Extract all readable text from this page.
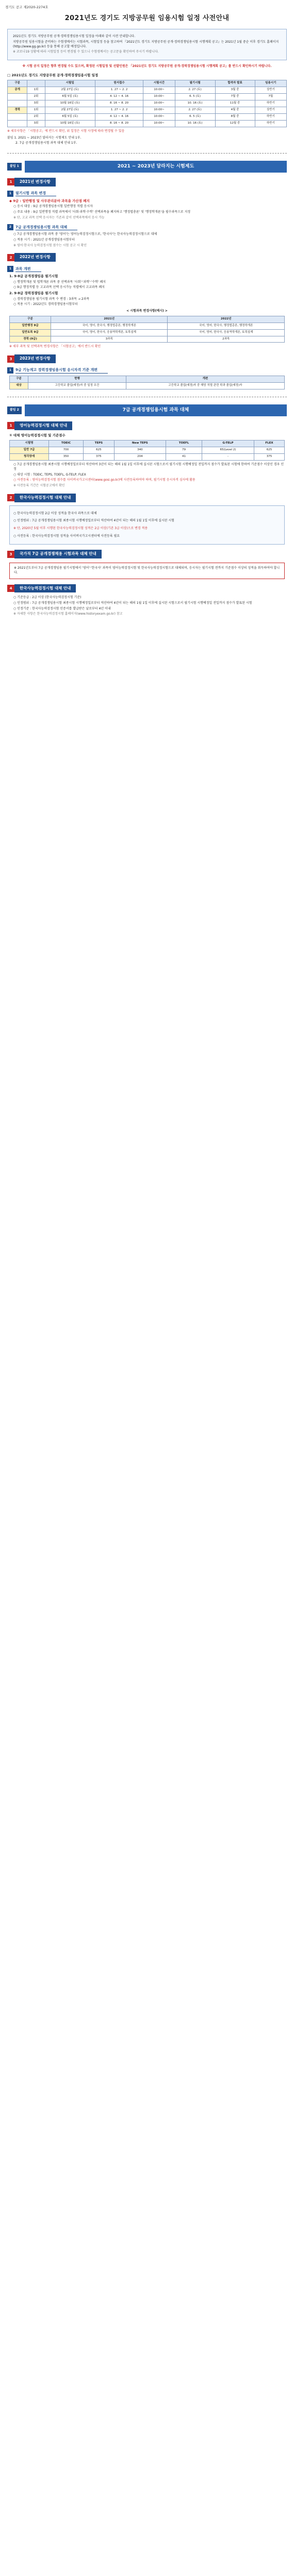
경기도 공고 제2020-2274호
2021년도 경기도 지방공무원 임용시험 일정 사전안내

2021년도 경기도 지방공무원 공개·경력경쟁임용시험 일정을 아래와 같이 사전 안내합니다.

지방공무원 임용시험을 준비하는 수험생께서는 시험과목, 시험일정 등을 참고하여 『2021년도 경기도 지방공무원 공개·경력경쟁임용시험 시행계획 공고』는 2021년 1월 중순 이후 경기도 홈페이지(http://www.gg.go.kr) 등을 통해 공고할 예정입니다.

※ 코로나19 상황에 따라 시험일정 등이 변경될 수 있으니 수험생께서는 공고문을 확인하여 주시기 바랍니다.

※ 시험 공지 일정은 향후 변경될 수도 있으며, 확정된 시험일정 및 선발인원은 「2021년도 경기도 지방공무원 공개·경력경쟁임용시험 시행계획 공고」를 반드시 확인하시기 바랍니다.

□ 2021년도 경기도 지방공무원 공개·경력경쟁임용시험 일정
구분		시험일	원서접수	시험시간	필기시험	합격자 발표	임용시기
공개	1회	2월 27일 (토)	1. 27 ~ 2. 2	10:00~	2. 27 (토)	3월 중	상반기
	2회	6월 5일 (토)	4. 12 ~ 4. 16	10:00~	6. 5 (토)	7월 중	7월
	3회	10월 16일 (토)	8. 16 ~ 8. 20	10:00~	10. 16 (토)	11월 중	하반기
경력	1회	2월 27일 (토)	1. 27 ~ 2. 2	10:00~	2. 27 (토)	4월 중	상반기
	2회	6월 5일 (토)	4. 12 ~ 4. 16	10:00~	6. 5 (토)	8월 중	하반기
	3회	10월 16일 (토)	8. 16 ~ 8. 20	10:00~	10. 16 (토)	12월 중	하반기
※ 세부사항은 「시험공고」에 반드시 확인, 위 일정은 시험 사정에 따라 변경될 수 있음
붙임 1. 2021 ~ 2023년 달라지는 시험제도 안내 1부.
2. 7급 공개경쟁임용시험 과목 대체 안내 1부.
붙임 1	2021 ~ 2023년 달라지는 시험제도
1	2021년 변경사항
1	필기시험 과목 변경
◆ 9급 : 일반행정 및 사무관리분야 과목을 가산점 폐지

○ 응시 대상 : 9급 공개경쟁임용시험 일반행정 직렬 응시자

○ 주요 내용 : 9급 일반행정 직렬 과목에서 '사회·과학·수학' 선택과목을 폐지하고 '행정법총론' 및 '행정학개론'을 필수과목으로 지정

※ 단, 고교 과목 선택 응시자는 기존과 같이 선택과목에서 응시 가능

2	7급 공개경쟁임용시험 과목 대체

○ 7급 공개경쟁임용시험 과목 중 '영어'는 영어능력검정시험으로, '한국사'는 한국사능력검정시험으로 대체

○ 적용 시기 : 2021년 공개경쟁임용시험부터

※ 영어·한국사 능력검정시험 점수는 시험 공고 시 확인

2	2022년 변경사항
1	과목 개편
1. 9·8급 공개경쟁임용 필기시험

○ 행정학개론 및 법학개론 과목 중 선택과목 '사회'·'과학'·'수학' 폐지

○ 9급 행정직렬 등 고교과목 선택 응시가능 직렬에서 고교과목 폐지

2. 9·8급 경력경쟁임용 필기시험

○ 경력경쟁임용 필기시험 과목 수 변경 : 3과목 → 2과목

○ 적용 시기 : 2022년도 경력경쟁임용시험부터

< 시험과목 변경사항(예시) >
구분	2021년	2022년
일반행정 9급	국어, 영어, 한국사, 행정법총론, 행정학개론	국어, 영어, 한국사, 행정법총론, 행정학개론
일반토목 9급	국어, 영어, 한국사, 응용역학개론, 토목설계	국어, 영어, 한국사, 응용역학개론, 토목설계
경력 (9급)	3과목	2과목
※ 세부 과목 및 선택과목 변경사항은 「시험공고」에서 반드시 확인
3	2023년 변경사항
1	9급 기능계고 경력경쟁임용시험 응시자격 기준 개편
구분	현행	개편
대상	고등학교 졸업(예정)자 중 일정 조건	고등학교 졸업(예정)자 중 해당 직렬 관련 학과 졸업(예정)자
붙임 2	7급 공개경쟁임용시험 과목 대체
1	영어능력검정시험 대체 안내
① 대체 영어능력검정시험 및 기준점수
시험명	TOEIC	TEPS	New TEPS	TOEFL	G-TELP	FLEX
일반 7급	700	625	340	79	65(Level 2)	625
청각장애	350	375	204	41	-	375

○ 7급 공개경쟁임용시험 최종시험 시행예정일로부터 역산하여 3년이 되는 해의 1월 1일 이후에 실시된 시험으로서 필기시험 시행예정일 전일까지 점수가 발표된 시험에 한하여 기준점수 이상인 경우 인정

○ 대상 시험 : TOEIC, TEPS, TOEFL, G-TELP, FLEX

○ 사전등록 : 영어능력검정시험 점수를 사이버국가고시센터(www.gosi.go.kr)에 사전등록하여야 하며, 필기시험 응시자격 심사에 활용

※ 사전등록 기간은 시험공고에서 확인

2	한국사능력검정시험 대체 안내

○ 한국사능력검정시험 2급 이상 성적을 한국사 과목으로 대체

○ 인정범위 : 7급 공개경쟁임용시험 최종시험 시행예정일로부터 역산하여 4년이 되는 해의 1월 1일 이후에 실시된 시험

※ 단, 2020년 5월 이후 시행된 한국사능력검정시험 성적은 2급 이상(기존 3급 이상)으로 변경 적용

○ 사전등록 : 한국사능력검정시험 성적을 사이버국가고시센터에 사전등록 필요

3	국가직 7급 공개경쟁채용 시험과목 대체 안내

※ 2021년도부터 7급 공개경쟁임용 필기시험에서 '영어'·'한국사' 과목이 영어능력검정시험 및 한국사능력검정시험으로 대체되며, 응시자는 필기시험 전까지 기준점수 이상의 성적을 취득하여야 합니다.

4	한국사능력검정시험 대체 안내

○ 기준등급 : 2급 이상 (한국사능력검정시험 기준)

○ 인정범위 : 7급 공개경쟁임용시험 최종시험 시행예정일로부터 역산하여 4년이 되는 해의 1월 1일 이후에 실시된 시험으로서 필기시험 시행예정일 전일까지 점수가 발표된 시험

○ 인정기준 : 한국사능력검정시험 인증서를 발급받은 날로부터 4년 이내

※ 자세한 사항은 한국사능력검정시험 홈페이지(www.historyexam.go.kr) 참고
